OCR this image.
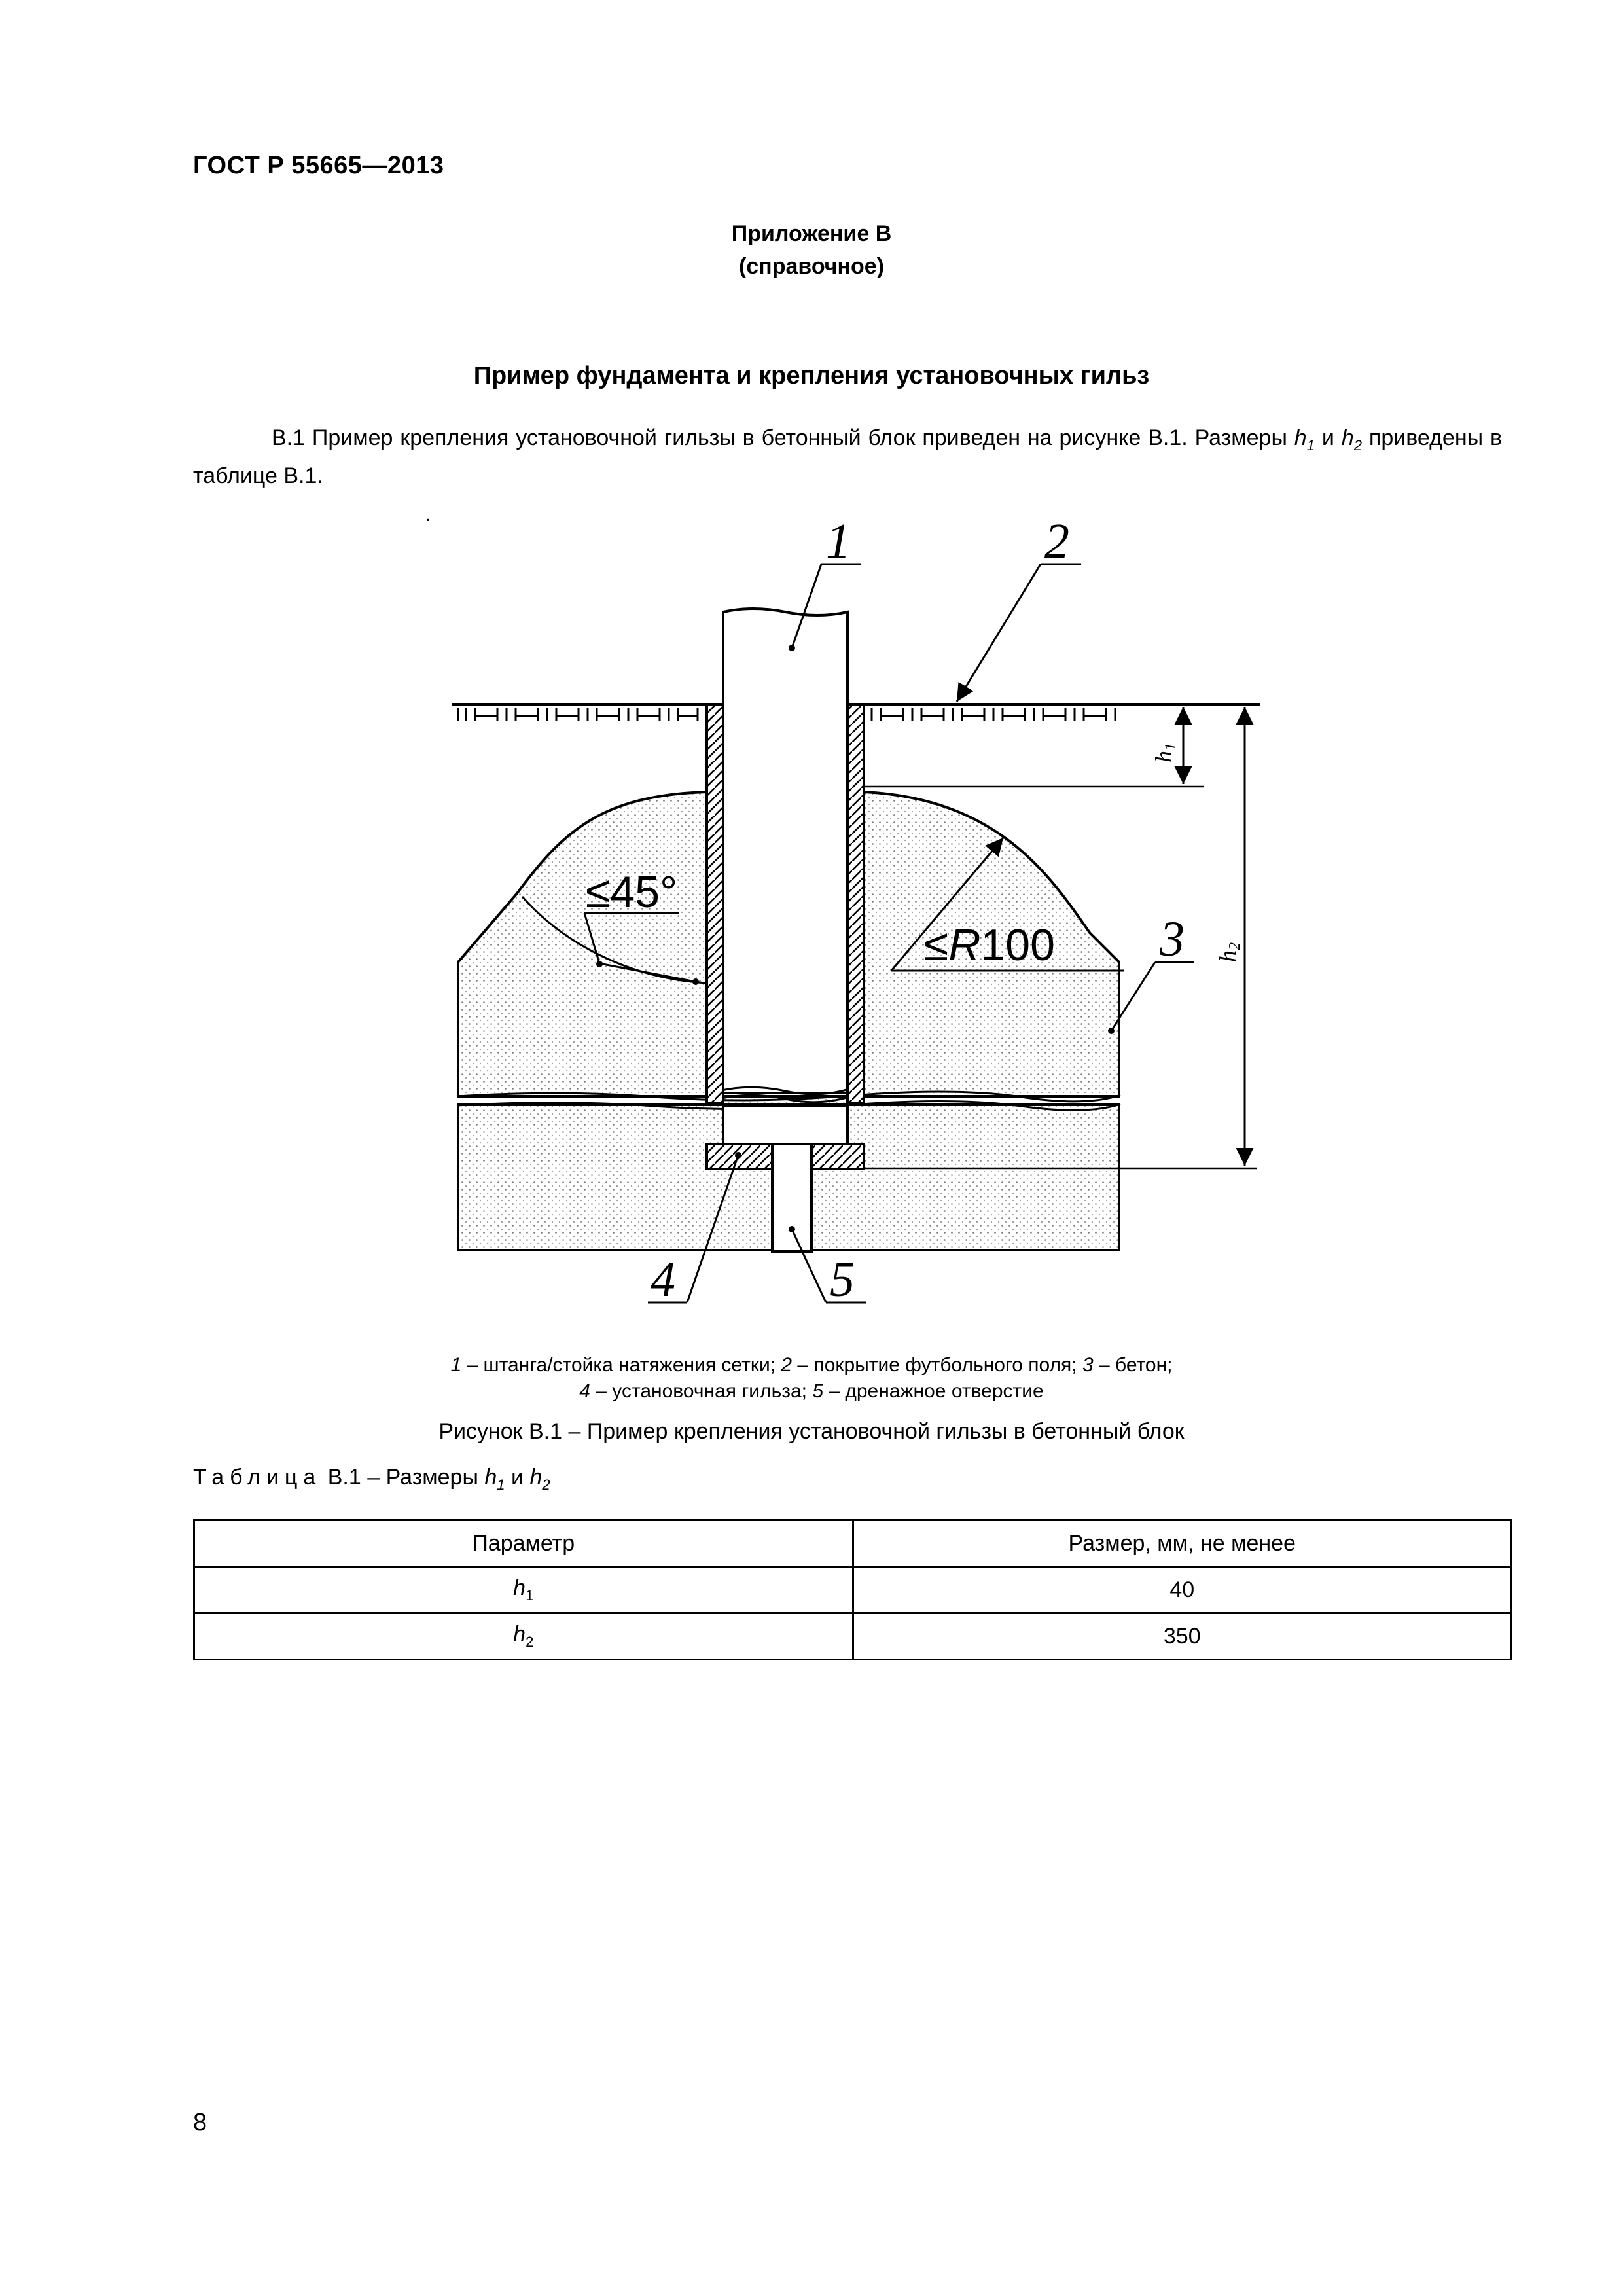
ГОСТ Р 55665—2013
Приложение В
(справочное)
Пример фундамента и крепления установочных гильз
В.1 Пример крепления установочной гильзы в бетонный блок приведен на рисунке В.1. Размеры $h_1$ и $h_2$ приведены в таблице В.1.
.
h1
h2
≤45°
≤R100
1	2
3
4	5
1 – штанга/стойка натяжения сетки; 2 – покрытие футбольного поля; 3 – бетон;
4 – установочная гильза; 5 – дренажное отверстие
Рисунок В.1 – Пример крепления установочной гильзы в бетонный блок
Таблица В.1 – Размеры $h_1$ и $h_2$
Параметр	Размер, мм, не менее
$h_1$	40
$h_2$	350
8
